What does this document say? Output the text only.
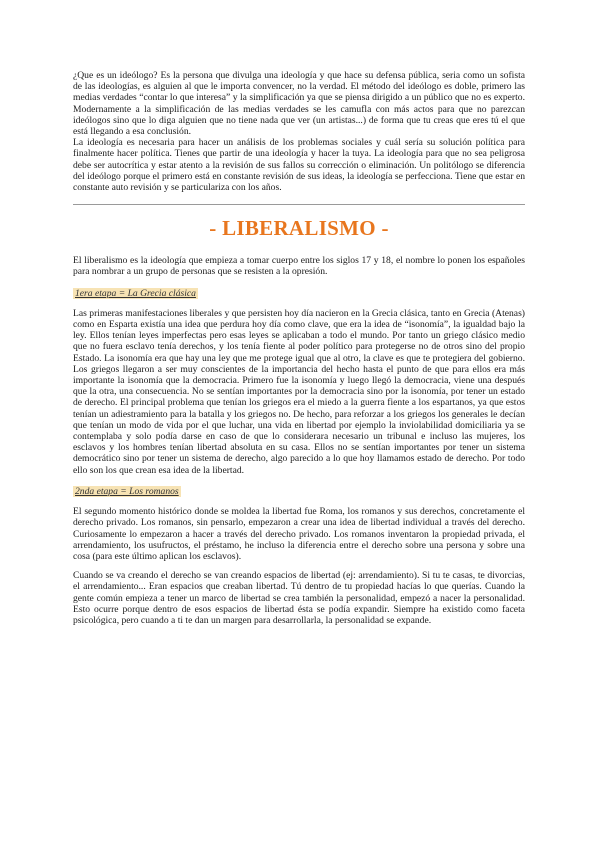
¿Que es un ideólogo? Es la persona que divulga una ideología y que hace su defensa pública, seria como un sofista de las ideologías, es alguien al que le importa convencer, no la verdad. El método del ideólogo es doble, primero las medias verdades “contar lo que interesa” y la simplificación ya que se piensa dirigido a un público que no es experto. Modernamente a la simplificación de las medias verdades se les camufla con más actos para que no parezcan ideólogos sino que lo diga alguien que no tiene nada que ver (un artistas...) de forma que tu creas que eres tú el que está llegando a esa conclusión.

La ideología es necesaria para hacer un análisis de los problemas sociales y cuál sería su solución política para finalmente hacer política. Tienes que partir de una ideología y hacer la tuya. La ideología para que no sea peligrosa debe ser autocrítica y estar atento a la revisión de sus fallos su corrección o eliminación. Un politólogo se diferencia del ideólogo porque el primero está en constante revisión de sus ideas, la ideología se perfecciona. Tiene que estar en constante auto revisión y se particulariza con los años.

- LIBERALISMO -

El liberalismo es la ideología que empieza a tomar cuerpo entre los siglos 17 y 18, el nombre lo ponen los españoles para nombrar a un grupo de personas que se resisten a la opresión.

1era etapa = La Grecia clásica

Las primeras manifestaciones liberales y que persisten hoy día nacieron en la Grecia clásica, tanto en Grecia (Atenas) como en Esparta existía una idea que perdura hoy día como clave, que era la idea de “isonomía”, la igualdad bajo la ley. Ellos tenían leyes imperfectas pero esas leyes se aplicaban a todo el mundo. Por tanto un griego clásico medio que no fuera esclavo tenía derechos, y los tenía fiente al poder político para protegerse no de otros sino del propio Estado. La isonomía era que hay una ley que me protege igual que al otro, la clave es que te protegiera del gobierno. Los griegos llegaron a ser muy conscientes de la importancia del hecho hasta el punto de que para ellos era más importante la isonomía que la democracia. Primero fue la isonomía y luego llegó la democracia, viene una después que la otra, una consecuencia. No se sentían importantes por la democracia sino por la isonomía, por tener un estado de derecho. El principal problema que tenían los griegos era el miedo a la guerra fiente a los espartanos, ya que estos tenían un adiestramiento para la batalla y los griegos no. De hecho, para reforzar a los griegos los generales le decían que tenían un modo de vida por el que luchar, una vida en libertad por ejemplo la inviolabilidad domiciliaria ya se contemplaba y solo podía darse en caso de que lo considerara necesario un tribunal e incluso las mujeres, los esclavos y los hombres tenían libertad absoluta en su casa. Ellos no se sentían importantes por tener un sistema democrático sino por tener un sistema de derecho, algo parecido a lo que hoy llamamos estado de derecho. Por todo ello son los que crean esa idea de la libertad.

2nda etapa = Los romanos

El segundo momento histórico donde se moldea la libertad fue Roma, los romanos y sus derechos, concretamente el derecho privado. Los romanos, sin pensarlo, empezaron a crear una idea de libertad individual a través del derecho. Curiosamente lo empezaron a hacer a través del derecho privado. Los romanos inventaron la propiedad privada, el arrendamiento, los usufructos, el préstamo, he incluso la diferencia entre el derecho sobre una persona y sobre una cosa (para este último aplican los esclavos).

Cuando se va creando el derecho se van creando espacios de libertad (ej: arrendamiento). Si tu te casas, te divorcias, el arrendamiento... Eran espacios que creaban libertad. Tú dentro de tu propiedad hacías lo que querías. Cuando la gente común empieza a tener un marco de libertad se crea también la personalidad, empezó a nacer la personalidad. Esto ocurre porque dentro de esos espacios de libertad ésta se podía expandir. Siempre ha existido como faceta psicológica, pero cuando a ti te dan un margen para desarrollarla, la personalidad se expande.
